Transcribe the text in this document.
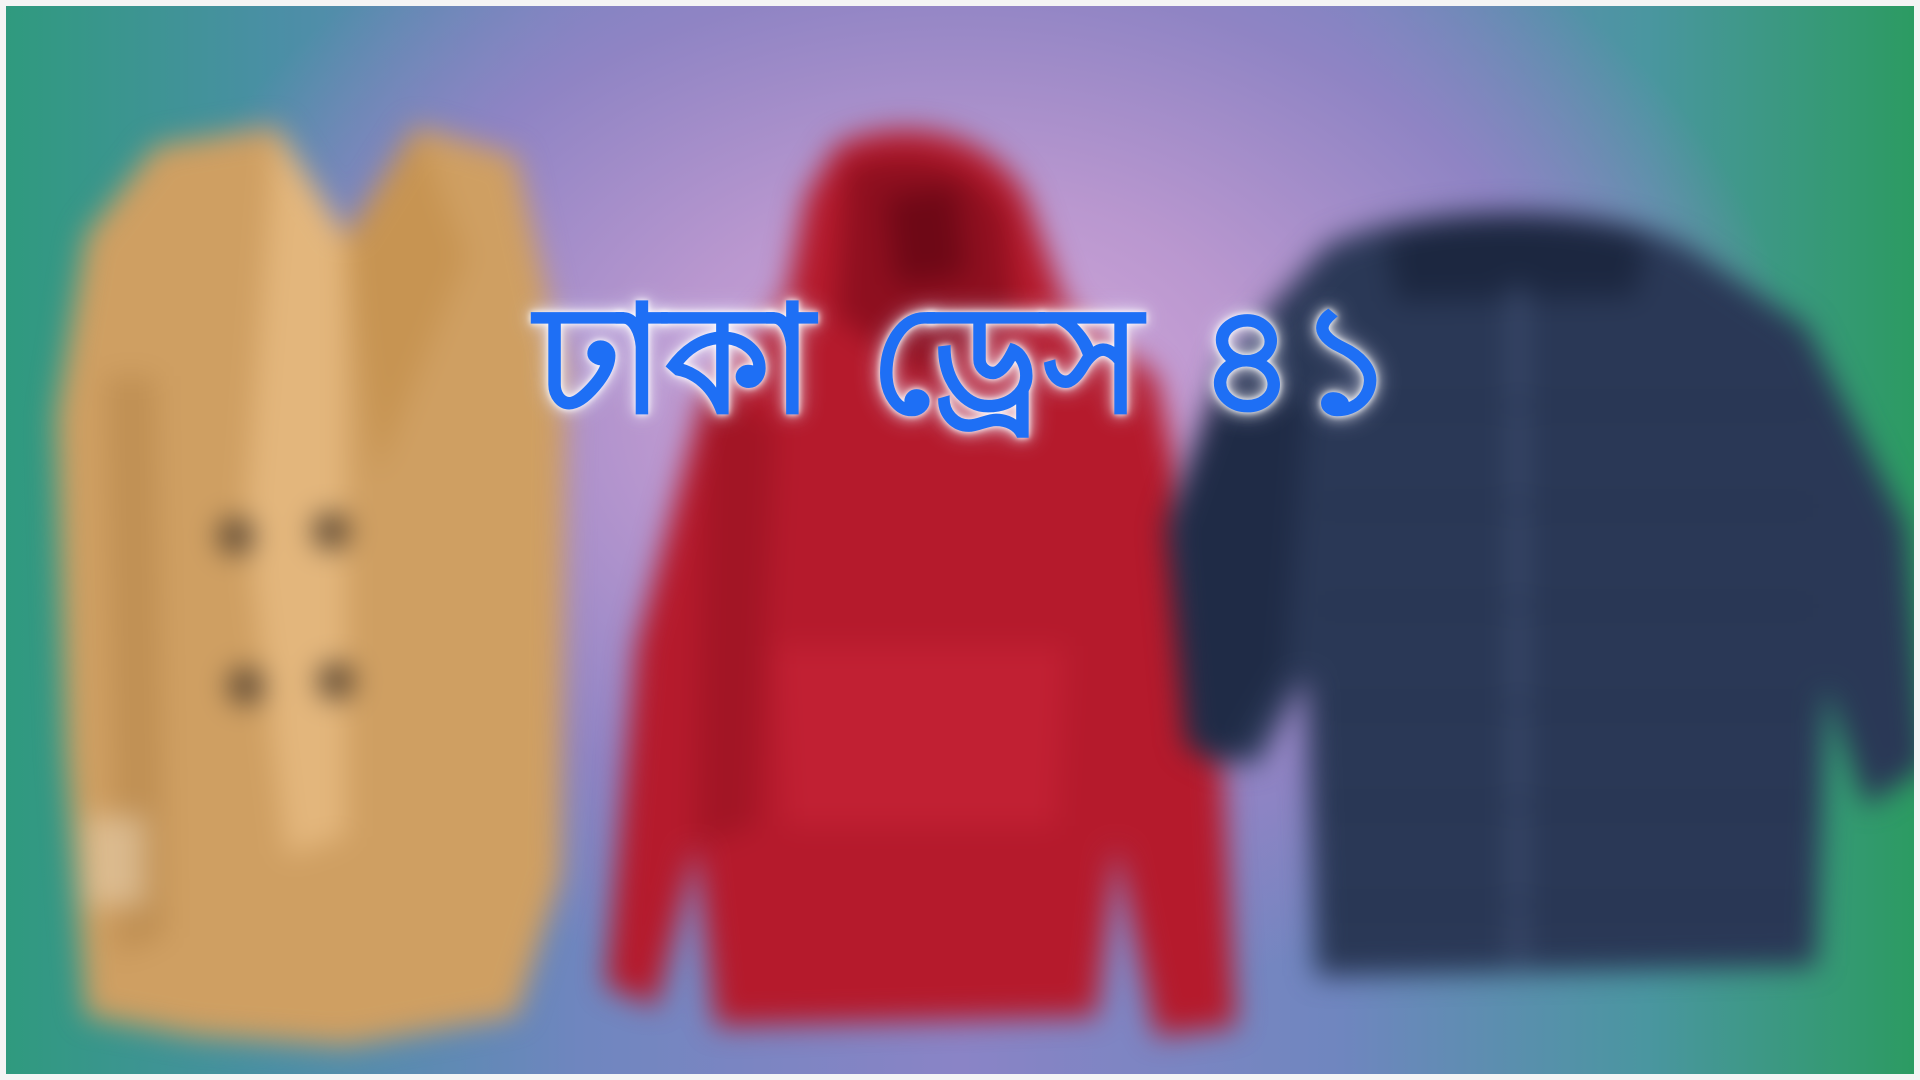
ঢাকা ড্রেস ৪১
